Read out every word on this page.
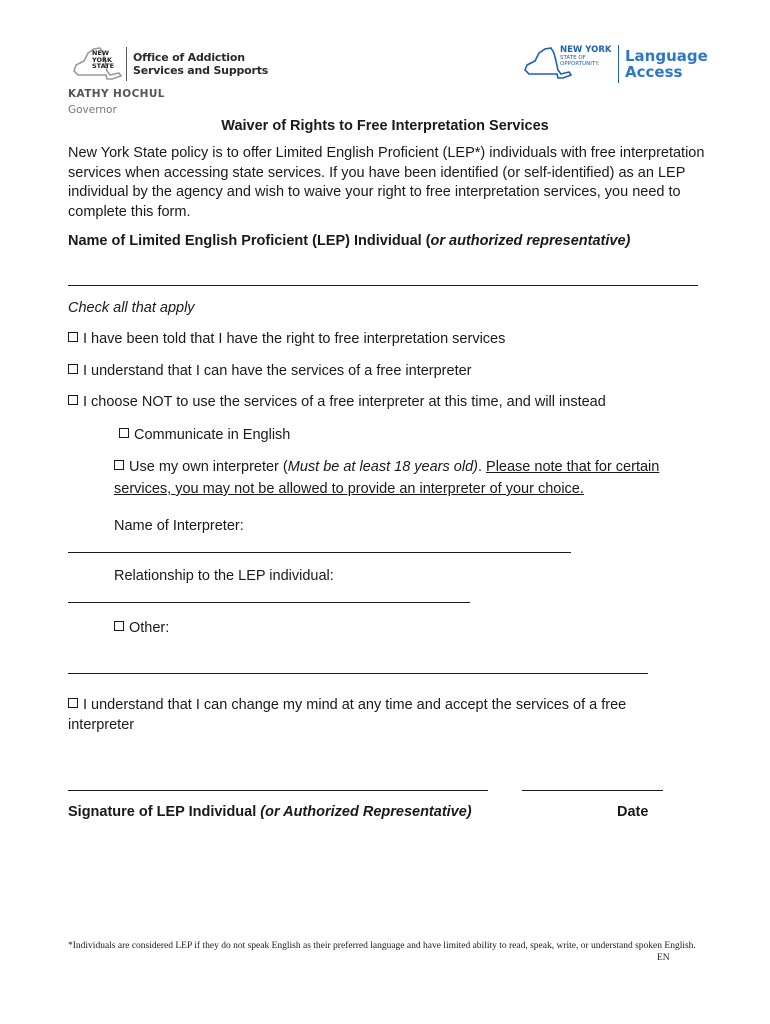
NEW
YORK
STATE
Office of Addiction
Services and Supports
NEW YORK
STATE OF
OPPORTUNITY.	Language
Access
KATHY HOCHUL
Governor
Waiver of Rights to Free Interpretation Services
New York State policy is to offer Limited English Proficient (LEP*) individuals with free interpretation services when accessing state services. If you have been identified (or self-identified) as an LEP individual by the agency and wish to waive your right to free interpretation services, you need to complete this form.
Name of Limited English Proficient (LEP) Individual (or authorized representative)
Check all that apply
I have been told that I have the right to free interpretation services
I understand that I can have the services of a free interpreter
I choose NOT to use the services of a free interpreter at this time, and will instead
Communicate in English
Use my own interpreter (Must be at least 18 years old). Please note that for certain
services, you may not be allowed to provide an interpreter of your choice.
Name of Interpreter:
Relationship to the LEP individual:
Other:
I understand that I can change my mind at any time and accept the services of a free
interpreter
Signature of LEP Individual (or Authorized Representative)	Date
*Individuals are considered LEP if they do not speak English as their preferred language and have limited ability to read, speak, write, or understand spoken English.
EN
